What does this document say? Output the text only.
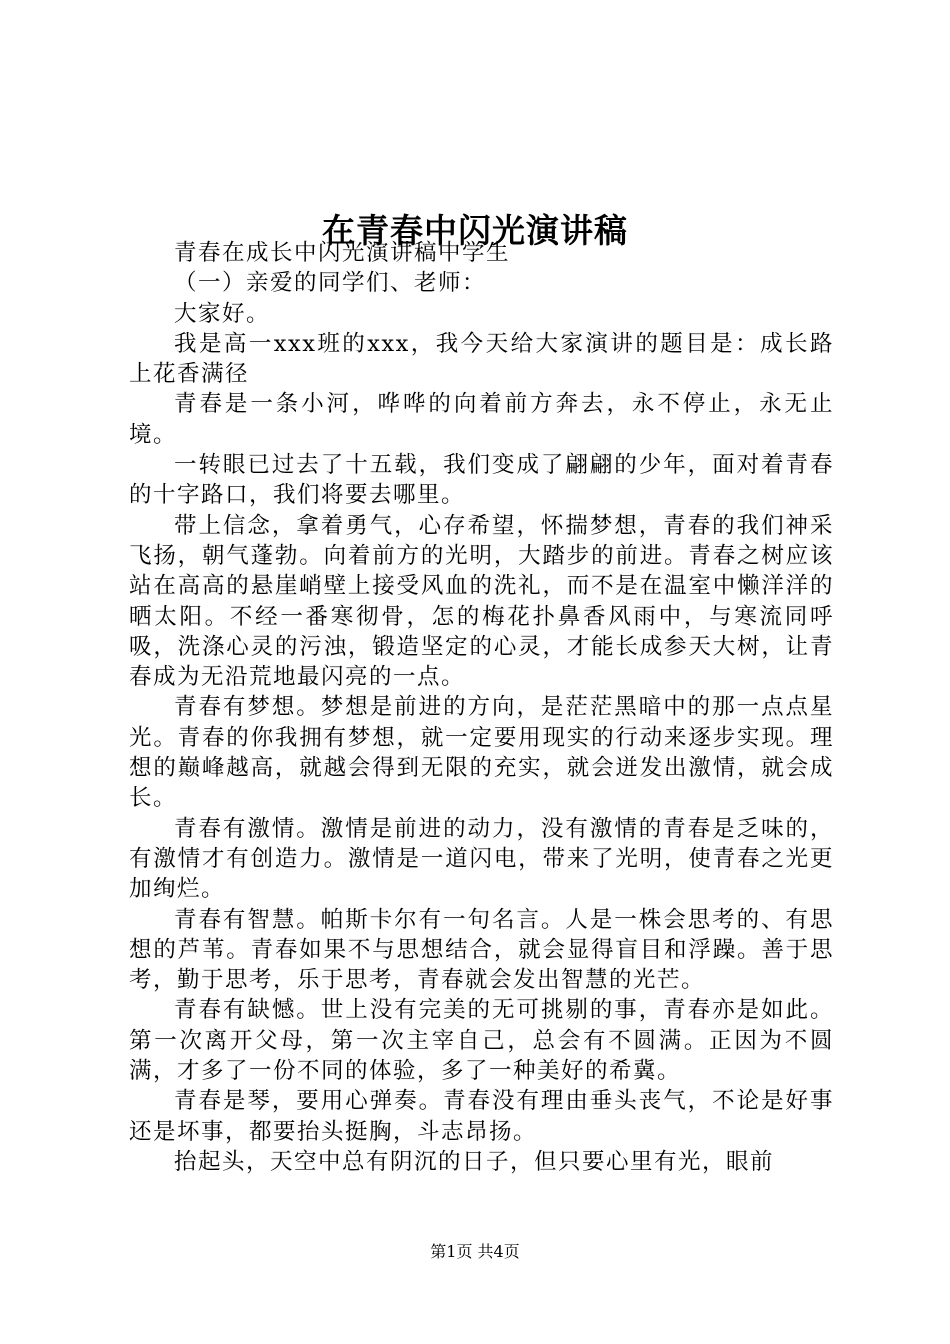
在青春中闪光演讲稿

青春在成长中闪光演讲稿中学生

（一）亲爱的同学们、老师：

大家好。

我是高一xxx班的xxx，我今天给大家演讲的题目是：成长路上花香满径

青春是一条小河，哗哗的向着前方奔去，永不停止，永无止境。

一转眼已过去了十五载，我们变成了翩翩的少年，面对着青春的十字路口，我们将要去哪里。

带上信念，拿着勇气，心存希望，怀揣梦想，青春的我们神采飞扬，朝气蓬勃。向着前方的光明，大踏步的前进。青春之树应该站在高高的悬崖峭壁上接受风血的洗礼，而不是在温室中懒洋洋的晒太阳。不经一番寒彻骨，怎的梅花扑鼻香风雨中，与寒流同呼吸，洗涤心灵的污浊，锻造坚定的心灵，才能长成参天大树，让青春成为无沿荒地最闪亮的一点。

青春有梦想。梦想是前进的方向，是茫茫黑暗中的那一点点星光。青春的你我拥有梦想，就一定要用现实的行动来逐步实现。理想的巅峰越高，就越会得到无限的充实，就会迸发出激情，就会成长。

青春有激情。激情是前进的动力，没有激情的青春是乏味的，有激情才有创造力。激情是一道闪电，带来了光明，使青春之光更加绚烂。

青春有智慧。帕斯卡尔有一句名言。人是一株会思考的、有思想的芦苇。青春如果不与思想结合，就会显得盲目和浮躁。善于思考，勤于思考，乐于思考，青春就会发出智慧的光芒。

青春有缺憾。世上没有完美的无可挑剔的事，青春亦是如此。第一次离开父母，第一次主宰自己，总会有不圆满。正因为不圆满，才多了一份不同的体验，多了一种美好的希冀。

青春是琴，要用心弹奏。青春没有理由垂头丧气，不论是好事还是坏事，都要抬头挺胸，斗志昂扬。

抬起头，天空中总有阴沉的日子，但只要心里有光，眼前

第1页 共4页
